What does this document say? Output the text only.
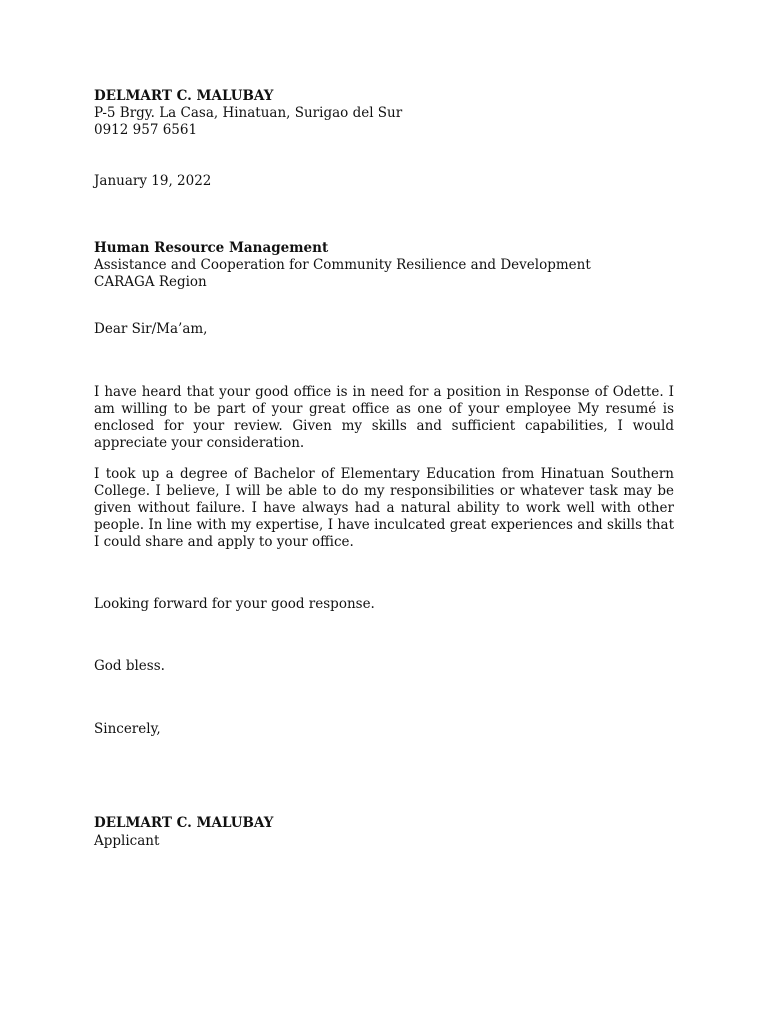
DELMART C. MALUBAY
P-5 Brgy. La Casa, Hinatuan, Surigao del Sur
0912 957 6561
January 19, 2022
Human Resource Management
Assistance and Cooperation for Community Resilience and Development
CARAGA Region
Dear Sir/Ma’am,

I have heard that your good office is in need for a position in Response of Odette. I am willing to be part of your great office as one of your employee My resumé is enclosed for your review. Given my skills and sufficient capabilities, I would appreciate your consideration.

I took up a degree of Bachelor of Elementary Education from Hinatuan Southern College. I believe, I will be able to do my responsibilities or whatever task may be given without failure. I have always had a natural ability to work well with other people. In line with my expertise, I have inculcated great experiences and skills that I could share and apply to your office.

Looking forward for your good response.
God bless.
Sincerely,
DELMART C. MALUBAY
Applicant
